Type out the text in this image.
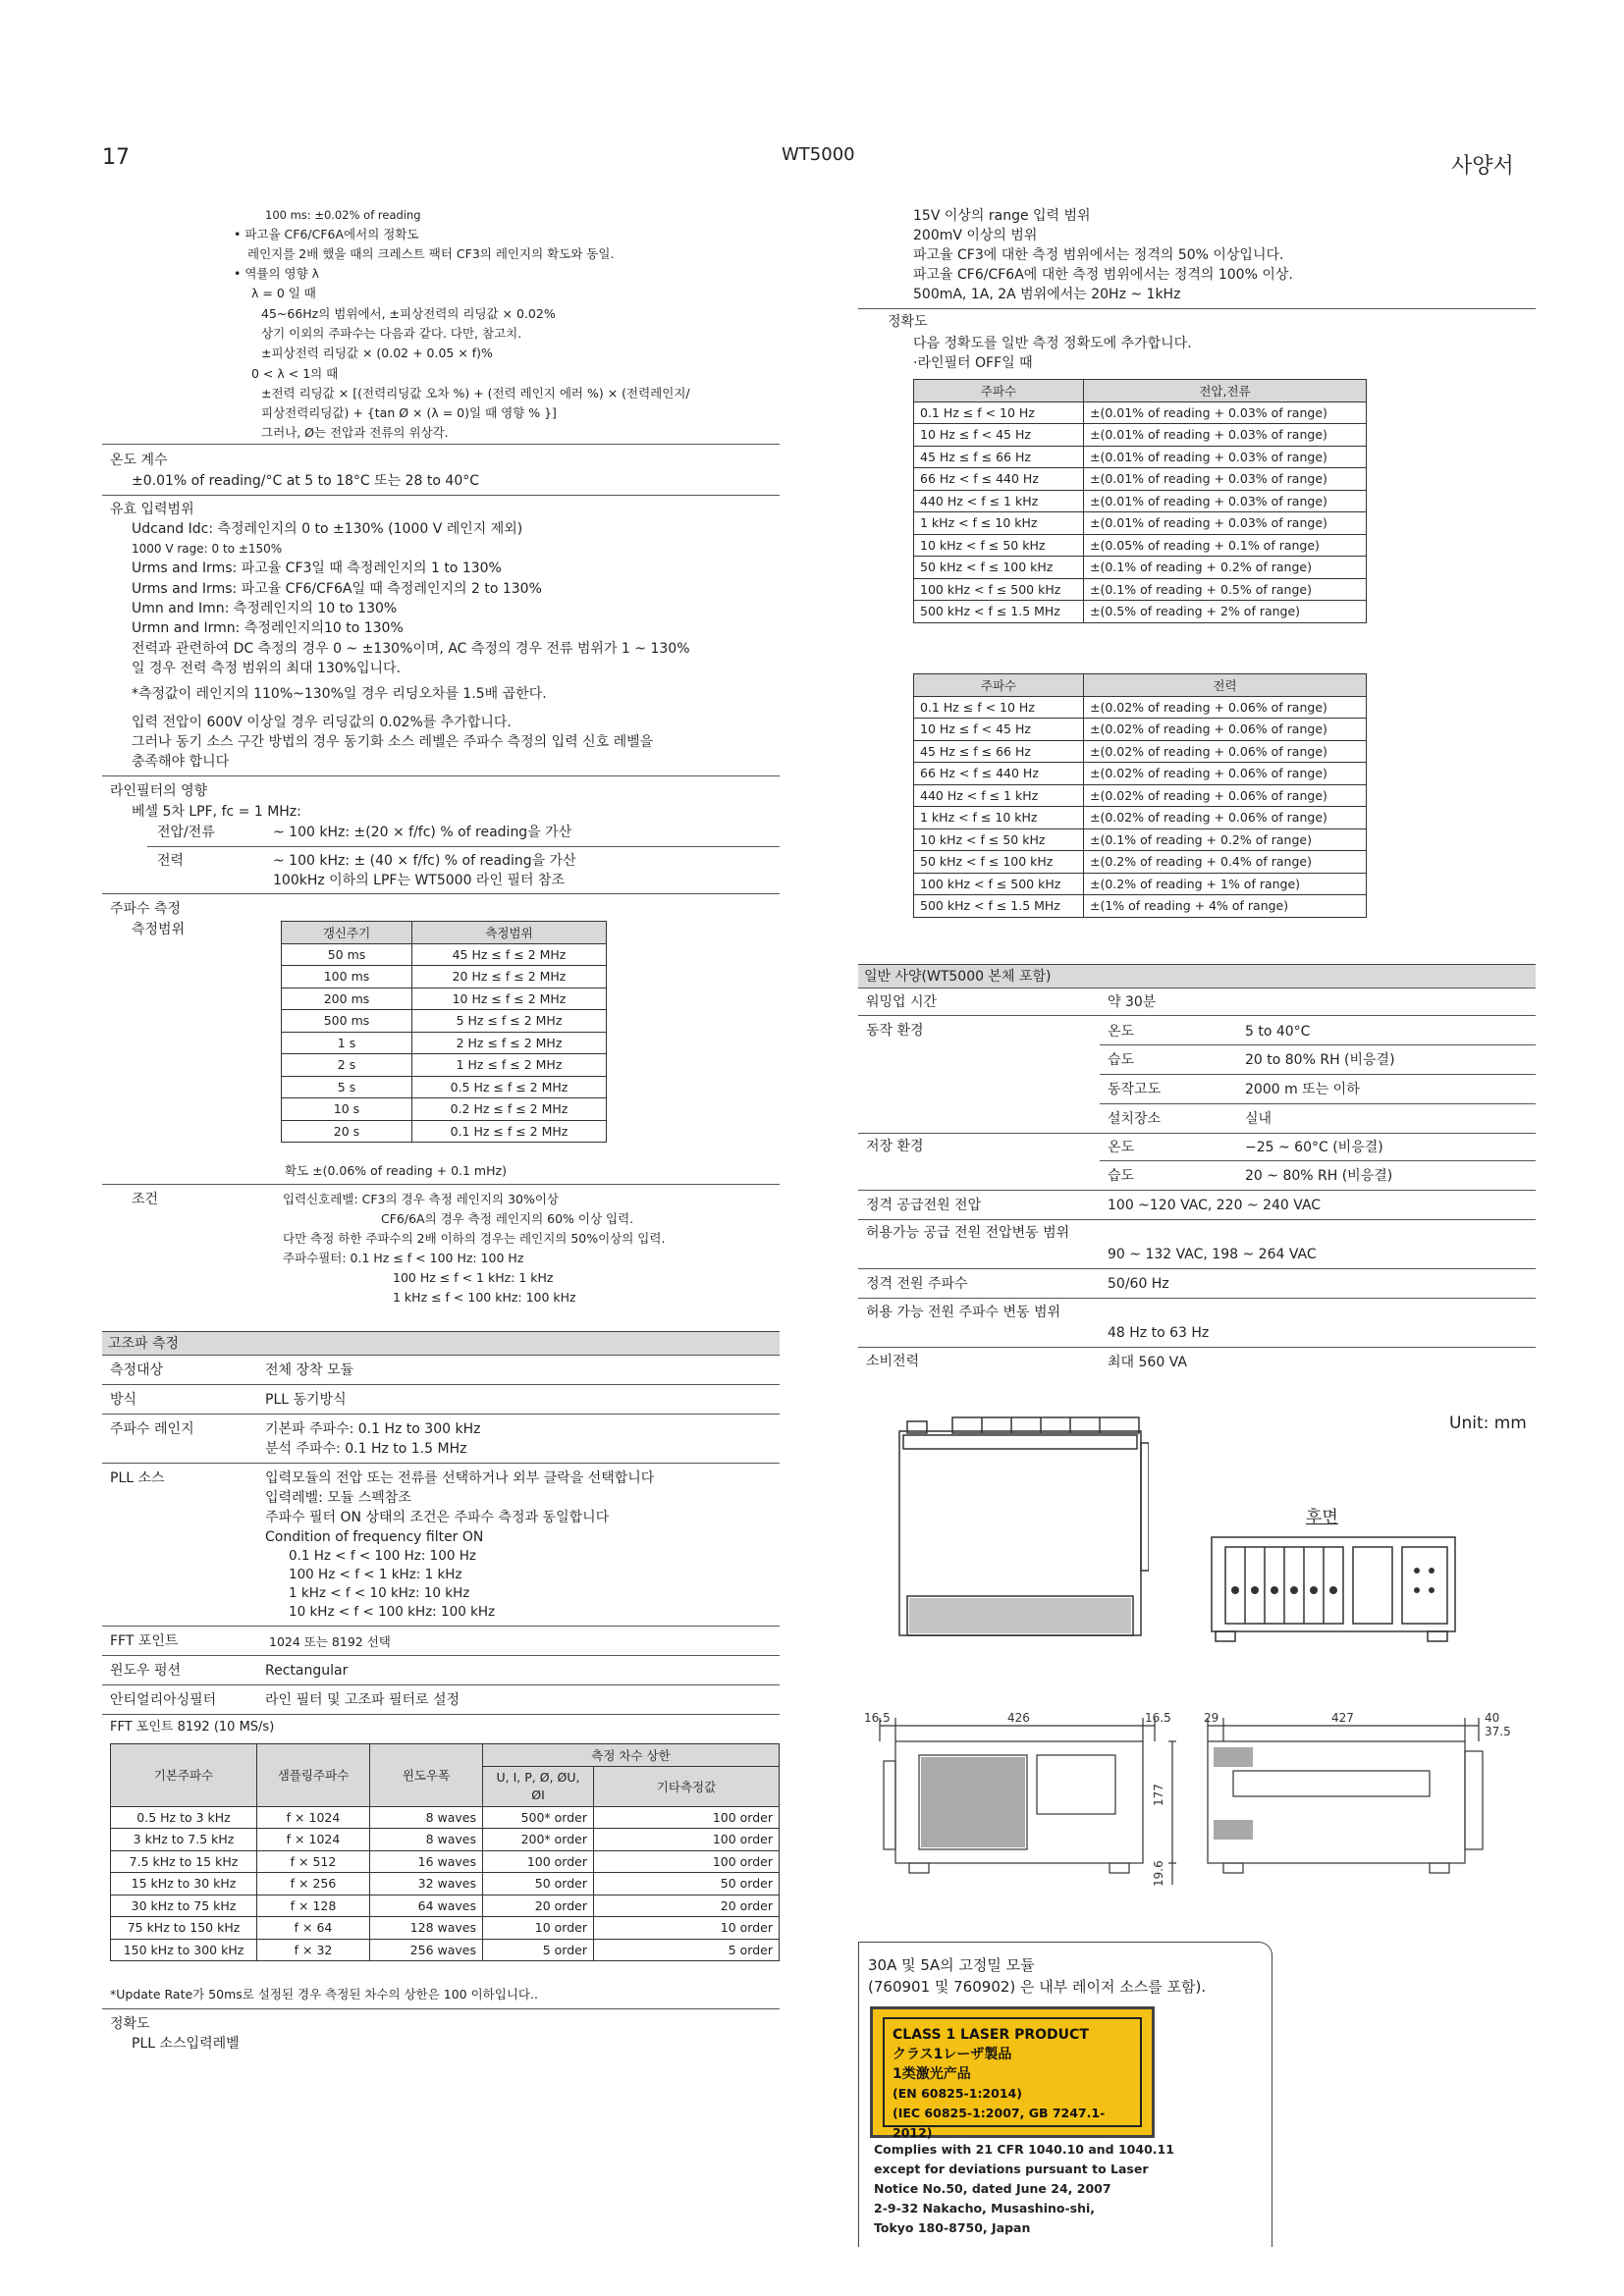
17	WT5000	사양서
100 ms: ±0.02% of reading
• 파고율 CF6/CF6A에서의 정확도
레인지를 2배 했을 때의 크레스트 팩터 CF3의 레인지의 확도와 동일.
• 역률의 영향 λ
λ = 0 일 때
45~66Hz의 범위에서, ±피상전력의 리딩값 × 0.02%
상기 이외의 주파수는 다음과 같다. 다만, 참고치.
±피상전력 리딩값 × (0.02 + 0.05 × f)%
0 < λ < 1의 때
±전력 리딩값 × [(전력리딩값 오차 %) + (전력 레인지 에러 %) × (전력레인지/
피상전력리딩값) + {tan Ø × (λ = 0)일 때 영향 % }]
그러나, Ø는 전압과 전류의 위상각.
온도 계수
±0.01% of reading/°C at 5 to 18°C 또는 28 to 40°C
유효 입력범위
Udcand Idc: 측정레인지의 0 to ±130% (1000 V 레인지 제외)
1000 V rage: 0 to ±150%
Urms and Irms: 파고율 CF3일 때 측정레인지의 1 to 130%
Urms and Irms: 파고율 CF6/CF6A일 때 측정레인지의 2 to 130%
Umn and Imn: 측정레인지의 10 to 130%
Urmn and Irmn: 측정레인지의10 to 130%
전력과 관련하여 DC 측정의 경우 0 ~ ±130%이며, AC 측정의 경우 전류 범위가 1 ~ 130%
일 경우 전력 측정 범위의 최대 130%입니다.
*측정값이 레인지의 110%~130%일 경우 리딩오차를 1.5배 곱한다.
입력 전압이 600V 이상일 경우 리딩값의 0.02%를 추가합니다.
그러나 동기 소스 구간 방법의 경우 동기화 소스 레벨은 주파수 측정의 입력 신호 레벨을
충족해야 합니다
라인필터의 영향
베셀 5차 LPF, fc = 1 MHz:
전압/전류	~ 100 kHz: ±(20 × f/fc) % of reading을 가산
전력	~ 100 kHz: ± (40 × f/fc) % of reading을 가산
100kHz 이하의 LPF는 WT5000 라인 필터 참조
주파수 측정
측정범위	갱신주기	측정범위
50 ms	45 Hz ≤ f ≤ 2 MHz
100 ms	20 Hz ≤ f ≤ 2 MHz
200 ms	10 Hz ≤ f ≤ 2 MHz
500 ms	5 Hz ≤ f ≤ 2 MHz
1 s	2 Hz ≤ f ≤ 2 MHz
2 s	1 Hz ≤ f ≤ 2 MHz
5 s	0.5 Hz ≤ f ≤ 2 MHz
10 s	0.2 Hz ≤ f ≤ 2 MHz
20 s	0.1 Hz ≤ f ≤ 2 MHz
확도 ±(0.06% of reading + 0.1 mHz)
조건	입력신호레벨: CF3의 경우 측정 레인지의 30%이상
CF6/6A의 경우 측정 레인지의 60% 이상 입력.
다만 측정 하한 주파수의 2배 이하의 경우는 레인지의 50%이상의 입력.
주파수필터: 0.1 Hz ≤ f < 100 Hz: 100 Hz
100 Hz ≤ f < 1 kHz: 1 kHz
1 kHz ≤ f < 100 kHz: 100 kHz
고조파 측정
측정대상	전체 장착 모듈
방식	PLL 동기방식
주파수 레인지	기본파 주파수: 0.1 Hz to 300 kHz
분석 주파수: 0.1 Hz to 1.5 MHz
PLL 소스	입력모듈의 전압 또는 전류를 선택하거나 외부 클락을 선택합니다
입력레벨: 모듈 스펙참조
주파수 필터 ON 상태의 조건은 주파수 측정과 동일합니다
Condition of frequency filter ON
0.1 Hz < f < 100 Hz: 100 Hz
100 Hz < f < 1 kHz: 1 kHz
1 kHz < f < 10 kHz: 10 kHz
10 kHz < f < 100 kHz: 100 kHz
FFT 포인트	1024 또는 8192 선택
윈도우 펑션	Rectangular
안티얼리아싱필터	라인 필터 및 고조파 필터로 설정
FFT 포인트 8192 (10 MS/s)
기본주파수	샘플링주파수	윈도우폭	측정 차수 상한	
			U, I, P, Ø, ØU, ØI	기타측정값
0.5 Hz to 3 kHz	f × 1024	8 waves	500* order	100 order
3 kHz to 7.5 kHz	f × 1024	8 waves	200* order	100 order
7.5 kHz to 15 kHz	f × 512	16 waves	100 order	100 order
15 kHz to 30 kHz	f × 256	32 waves	50 order	50 order
30 kHz to 75 kHz	f × 128	64 waves	20 order	20 order
75 kHz to 150 kHz	f × 64	128 waves	10 order	10 order
150 kHz to 300 kHz	f × 32	256 waves	5 order	5 order
*Update Rate가 50ms로 설정된 경우 측정된 차수의 상한은 100 이하입니다..
정확도
PLL 소스입력레벨
15V 이상의 range 입력 범위
200mV 이상의 범위
파고율 CF3에 대한 측정 범위에서는 정격의 50% 이상입니다.
파고율 CF6/CF6A에 대한 측정 범위에서는 정격의 100% 이상.
500mA, 1A, 2A 범위에서는 20Hz ~ 1kHz
정확도
다음 정확도를 일반 측정 정확도에 추가합니다.
·라인필터 OFF일 때
주파수	전압,전류
0.1 Hz ≤ f < 10 Hz	±(0.01% of reading + 0.03% of range)
10 Hz ≤ f < 45 Hz	±(0.01% of reading + 0.03% of range)
45 Hz ≤ f ≤ 66 Hz	±(0.01% of reading + 0.03% of range)
66 Hz < f ≤ 440 Hz	±(0.01% of reading + 0.03% of range)
440 Hz < f ≤ 1 kHz	±(0.01% of reading + 0.03% of range)
1 kHz < f ≤ 10 kHz	±(0.01% of reading + 0.03% of range)
10 kHz < f ≤ 50 kHz	±(0.05% of reading + 0.1% of range)
50 kHz < f ≤ 100 kHz	±(0.1% of reading + 0.2% of range)
100 kHz < f ≤ 500 kHz	±(0.1% of reading + 0.5% of range)
500 kHz < f ≤ 1.5 MHz	±(0.5% of reading + 2% of range)
주파수	전력
0.1 Hz ≤ f < 10 Hz	±(0.02% of reading + 0.06% of range)
10 Hz ≤ f < 45 Hz	±(0.02% of reading + 0.06% of range)
45 Hz ≤ f ≤ 66 Hz	±(0.02% of reading + 0.06% of range)
66 Hz < f ≤ 440 Hz	±(0.02% of reading + 0.06% of range)
440 Hz < f ≤ 1 kHz	±(0.02% of reading + 0.06% of range)
1 kHz < f ≤ 10 kHz	±(0.02% of reading + 0.06% of range)
10 kHz < f ≤ 50 kHz	±(0.1% of reading + 0.2% of range)
50 kHz < f ≤ 100 kHz	±(0.2% of reading + 0.4% of range)
100 kHz < f ≤ 500 kHz	±(0.2% of reading + 1% of range)
500 kHz < f ≤ 1.5 MHz	±(1% of reading + 4% of range)
일반 사양(WT5000 본체 포함)
워밍업 시간	약 30분
동작 환경	온도	5 to 40°C
습도	20 to 80% RH (비응결)
동작고도	2000 m 또는 이하
설치장소	실내
저장 환경	온도	−25 ~ 60°C (비응결)
습도	20 ~ 80% RH (비응결)
정격 공급전원 전압	100 ~120 VAC, 220 ~ 240 VAC
허용가능 공급 전원 전압변동 범위
90 ~ 132 VAC, 198 ~ 264 VAC
정격 전원 주파수	50/60 Hz
허용 가능 전원 주파수 변동 범위
48 Hz to 63 Hz
소비전력	최대 560 VA
Unit: mm
후면
16.5	426	16.5	29	427	40
37.5
177
19.6
30A 및 5A의 고정밀 모듈
(760901 및 760902) 은 내부 레이저 소스를 포함).
CLASS 1 LASER PRODUCT
クラス1レーザ製品
1类激光产品
(EN 60825-1:2014)
(IEC 60825-1:2007, GB 7247.1-2012)
Complies with 21 CFR 1040.10 and 1040.11
except for deviations pursuant to Laser
Notice No.50, dated June 24, 2007
2-9-32 Nakacho, Musashino-shi,
Tokyo 180-8750, Japan
